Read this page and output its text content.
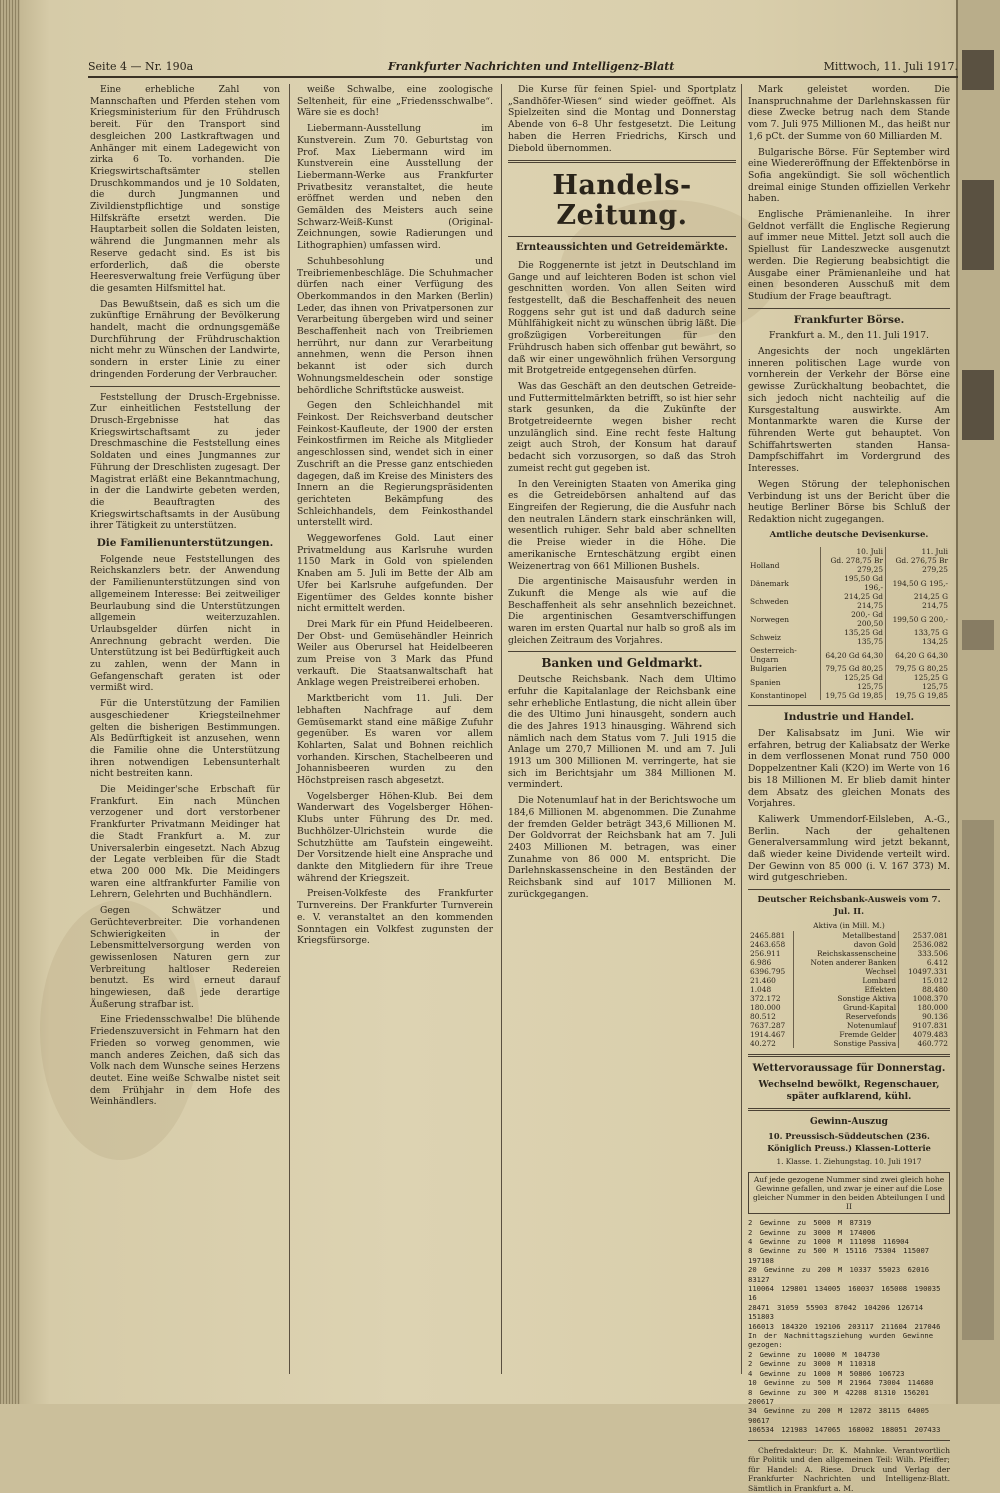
Seite 4 — Nr. 190a	Frankfurter Nachrichten und Intelligenz-Blatt	Mittwoch, 11. Juli 1917.

Eine erhebliche Zahl von Mannschaften und Pferden stehen vom Kriegsministerium für den Frühdrusch bereit. Für den Transport sind desgleichen 200 Lastkraftwagen und Anhänger mit einem Ladegewicht von zirka 6 To. vorhanden. Die Kriegswirtschaftsämter stellen Druschkommandos und je 10 Soldaten, die durch Jungmannen und Zivildienstpflichtige und sonstige Hilfskräfte ersetzt werden. Die Hauptarbeit sollen die Soldaten leisten, während die Jungmannen mehr als Reserve gedacht sind. Es ist bis erforderlich, daß die oberste Heeresverwaltung freie Verfügung über die gesamten Hilfsmittel hat.

Das Bewußtsein, daß es sich um die zukünftige Ernährung der Bevölkerung handelt, macht die ordnungsgemäße Durchführung der Frühdruschaktion nicht mehr zu Wünschen der Landwirte, sondern in erster Linie zu einer dringenden Forderung der Verbraucher.

Feststellung der Drusch-Ergebnisse. Zur einheitlichen Feststellung der Drusch-Ergebnisse hat das Kriegswirtschaftsamt zu jeder Dreschmaschine die Feststellung eines Soldaten und eines Jungmannes zur Führung der Dreschlisten zugesagt. Der Magistrat erläßt eine Bekanntmachung, in der die Landwirte gebeten werden, die Beauftragten des Kriegswirtschaftsamts in der Ausübung ihrer Tätigkeit zu unterstützen.

Die Familienunterstützungen.

Folgende neue Feststellungen des Reichskanzlers betr. der Anwendung der Familienunterstützungen sind von allgemeinem Interesse: Bei zeitweiliger Beurlaubung sind die Unterstützungen allgemein weiterzuzahlen. Urlaubsgelder dürfen nicht in Anrechnung gebracht werden. Die Unterstützung ist bei Bedürftigkeit auch zu zahlen, wenn der Mann in Gefangenschaft geraten ist oder vermißt wird.

Für die Unterstützung der Familien ausgeschiedener Kriegsteilnehmer gelten die bisherigen Bestimmungen. Als Bedürftigkeit ist anzusehen, wenn die Familie ohne die Unterstützung ihren notwendigen Lebensunterhalt nicht bestreiten kann.

Die Meidinger'sche Erbschaft für Frankfurt. Ein nach München verzogener und dort verstorbener Frankfurter Privatmann Meidinger hat die Stadt Frankfurt a. M. zur Universalerbin eingesetzt. Nach Abzug der Legate verbleiben für die Stadt etwa 200 000 Mk. Die Meidingers waren eine altfrankfurter Familie von Lehrern, Gelehrten und Buchhändlern.

Gegen Schwätzer und Gerüchteverbreiter. Die vorhandenen Schwierigkeiten in der Lebensmittelversorgung werden von gewissenlosen Naturen gern zur Verbreitung haltloser Redereien benutzt. Es wird erneut darauf hingewiesen, daß jede derartige Äußerung strafbar ist.

Eine Friedensschwalbe! Die blühende Friedenszuversicht in Fehmarn hat den Frieden so vorweg genommen, wie manch anderes Zeichen, daß sich das Volk nach dem Wunsche seines Herzens deutet. Eine weiße Schwalbe nistet seit dem Frühjahr in dem Hofe des Weinhändlers.

weiße Schwalbe, eine zoologische Seltenheit, für eine „Friedensschwalbe“. Wäre sie es doch!

Liebermann-Ausstellung im Kunstverein. Zum 70. Geburtstag von Prof. Max Liebermann wird im Kunstverein eine Ausstellung der Liebermann-Werke aus Frankfurter Privatbesitz veranstaltet, die heute eröffnet werden und neben den Gemälden des Meisters auch seine Schwarz-Weiß-Kunst (Original-Zeichnungen, sowie Radierungen und Lithographien) umfassen wird.

Schuhbesohlung und Treibriemenbeschläge. Die Schuhmacher dürfen nach einer Verfügung des Oberkommandos in den Marken (Berlin) Leder, das ihnen von Privatpersonen zur Verarbeitung übergeben wird und seiner Beschaffenheit nach von Treibriemen herrührt, nur dann zur Verarbeitung annehmen, wenn die Person ihnen bekannt ist oder sich durch Wohnungsmeldeschein oder sonstige behördliche Schriftstücke ausweist.

Gegen den Schleichhandel mit Feinkost. Der Reichsverband deutscher Feinkost-Kaufleute, der 1900 der ersten Feinkostfirmen im Reiche als Mitglieder angeschlossen sind, wendet sich in einer Zuschrift an die Presse ganz entschieden dagegen, daß im Kreise des Ministers des Innern an die Regierungspräsidenten gerichteten Bekämpfung des Schleichhandels, dem Feinkosthandel unterstellt wird.

Weggeworfenes Gold. Laut einer Privatmeldung aus Karlsruhe wurden 1150 Mark in Gold von spielenden Knaben am 5. Juli im Bette der Alb am Ufer bei Karlsruhe aufgefunden. Der Eigentümer des Geldes konnte bisher nicht ermittelt werden.

Drei Mark für ein Pfund Heidelbeeren. Der Obst- und Gemüsehändler Heinrich Weiler aus Oberursel hat Heidelbeeren zum Preise von 3 Mark das Pfund verkauft. Die Staatsanwaltschaft hat Anklage wegen Preistreiberei erhoben.

Marktbericht vom 11. Juli. Der lebhaften Nachfrage auf dem Gemüsemarkt stand eine mäßige Zufuhr gegenüber. Es waren vor allem Kohlarten, Salat und Bohnen reichlich vorhanden. Kirschen, Stachelbeeren und Johannisbeeren wurden zu den Höchstpreisen rasch abgesetzt.

Vogelsberger Höhen-Klub. Bei dem Wanderwart des Vogelsberger Höhen-Klubs unter Führung des Dr. med. Buchhölzer-Ulrichstein wurde die Schutzhütte am Taufstein eingeweiht. Der Vorsitzende hielt eine Ansprache und dankte den Mitgliedern für ihre Treue während der Kriegszeit.

Preisen-Volkfeste des Frankfurter Turnvereins. Der Frankfurter Turnverein e. V. veranstaltet an den kommenden Sonntagen ein Volkfest zugunsten der Kriegsfürsorge.

Die Kurse für feinen Spiel- und Sportplatz „Sandhöfer-Wiesen“ sind wieder geöffnet. Als Spielzeiten sind die Montag und Donnerstag Abende von 6–8 Uhr festgesetzt. Die Leitung haben die Herren Friedrichs, Kirsch und Diebold übernommen.

Handels-Zeitung.
Ernteaussichten und Getreidemärkte.

Die Roggenernte ist jetzt in Deutschland im Gange und auf leichteren Boden ist schon viel geschnitten worden. Von allen Seiten wird festgestellt, daß die Beschaffenheit des neuen Roggens sehr gut ist und daß dadurch seine Mühlfähigkeit nicht zu wünschen übrig läßt. Die großzügigen Vorbereitungen für den Frühdrusch haben sich offenbar gut bewährt, so daß wir einer ungewöhnlich frühen Versorgung mit Brotgetreide entgegensehen dürfen.

Was das Geschäft an den deutschen Getreide- und Futtermittelmärkten betrifft, so ist hier sehr stark gesunken, da die Zukünfte der Brotgetreideernte wegen bisher recht unzulänglich sind. Eine recht feste Haltung zeigt auch Stroh, der Konsum hat darauf bedacht sich vorzusorgen, so daß das Stroh zumeist recht gut gegeben ist.

In den Vereinigten Staaten von Amerika ging es die Getreidebörsen anhaltend auf das Eingreifen der Regierung, die die Ausfuhr nach den neutralen Ländern stark einschränken will, wesentlich ruhiger. Sehr bald aber schnellten die Preise wieder in die Höhe. Die amerikanische Ernteschätzung ergibt einen Weizenertrag von 661 Millionen Bushels.

Die argentinische Maisausfuhr werden in Zukunft die Menge als wie auf die Beschaffenheit als sehr ansehnlich bezeichnet. Die argentinischen Gesamtverschiffungen waren im ersten Quartal nur halb so groß als im gleichen Zeitraum des Vorjahres.

Banken und Geldmarkt.

Deutsche Reichsbank. Nach dem Ultimo erfuhr die Kapitalanlage der Reichsbank eine sehr erhebliche Entlastung, die nicht allein über die des Ultimo Juni hinausgeht, sondern auch die des Jahres 1913 hinausging. Während sich nämlich nach dem Status vom 7. Juli 1915 die Anlage um 270,7 Millionen M. und am 7. Juli 1913 um 300 Millionen M. verringerte, hat sie sich im Berichtsjahr um 384 Millionen M. vermindert.

Die Notenumlauf hat in der Berichtswoche um 184,6 Millionen M. abgenommen. Die Zunahme der fremden Gelder beträgt 343,6 Millionen M. Der Goldvorrat der Reichsbank hat am 7. Juli 2403 Millionen M. betragen, was einer Zunahme von 86 000 M. entspricht. Die Darlehnskassenscheine in den Beständen der Reichsbank sind auf 1017 Millionen M. zurückgegangen.

Mark geleistet worden. Die Inanspruchnahme der Darlehnskassen für diese Zwecke betrug nach dem Stande vom 7. Juli 975 Millionen M., das heißt nur 1,6 pCt. der Summe von 60 Milliarden M.

Bulgarische Börse. Für September wird eine Wiedereröffnung der Effektenbörse in Sofia angekündigt. Sie soll wöchentlich dreimal einige Stunden offiziellen Verkehr haben.

Englische Prämienanleihe. In ihrer Geldnot verfällt die Englische Regierung auf immer neue Mittel. Jetzt soll auch die Spiellust für Landeszwecke ausgenutzt werden. Die Regierung beabsichtigt die Ausgabe einer Prämienanleihe und hat einen besonderen Ausschuß mit dem Studium der Frage beauftragt.

Frankfurter Börse.

Frankfurt a. M., den 11. Juli 1917.

Angesichts der noch ungeklärten inneren politischen Lage wurde von vornherein der Verkehr der Börse eine gewisse Zurückhaltung beobachtet, die sich jedoch nicht nachteilig auf die Kursgestaltung auswirkte. Am Montanmarkte waren die Kurse der führenden Werte gut behauptet. Von Schiffahrtswerten standen Hansa-Dampfschiffahrt im Vordergrund des Interesses.

Wegen Störung der telephonischen Verbindung ist uns der Bericht über die heutige Berliner Börse bis Schluß der Redaktion nicht zugegangen.

Amtliche deutsche Devisenkurse.
	10. Juli	11. Juli
Holland	Gd. 278,75 Br 279,25	Gd. 276,75 Br 279,25
Dänemark	195,50 Gd 196,-	194,50 G 195,-
Schweden	214,25 Gd 214,75	214,25 G 214,75
Norwegen	200,- Gd 200,50	199,50 G 200,-
Schweiz	135,25 Gd 135,75	133,75 G 134,25
Oesterreich-Ungarn	64,20 Gd 64,30	64,20 G 64,30
Bulgarien	79,75 Gd 80,25	79,75 G 80,25
Spanien	125,25 Gd 125,75	125,25 G 125,75
Konstantinopel	19,75 Gd 19,85	19,75 G 19,85
Industrie und Handel.

Der Kalisabsatz im Juni. Wie wir erfahren, betrug der Kaliabsatz der Werke in dem verflossenen Monat rund 750 000 Doppelzentner Kali (K2O) im Werte von 16 bis 18 Millionen M. Er blieb damit hinter dem Absatz des gleichen Monats des Vorjahres.

Kaliwerk Ummendorf-Eilsleben, A.-G., Berlin. Nach der gehaltenen Generalversammlung wird jetzt bekannt, daß wieder keine Dividende verteilt wird. Der Gewinn von 85 000 (i. V. 167 373) M. wird gutgeschrieben.

Deutscher Reichsbank-Ausweis vom 7. Jul. II.
Aktiva (in Mill. M.)
2465.881	Metallbestand	2537.081
2463.658	davon Gold	2536.082
256.911	Reichskassenscheine	333.506
6.986	Noten anderer Banken	6.412
6396.795	Wechsel	10497.331
21.460	Lombard	15.012
1.048	Effekten	88.480
372.172	Sonstige Aktiva	1008.370
180.000	Grund-Kapital	180.000
80.512	Reservefonds	90.136
7637.287	Notenumlauf	9107.831
1914.467	Fremde Gelder	4079.483
40.272	Sonstige Passiva	460.772
Wettervoraussage für Donnerstag.

Wechselnd bewölkt, Regenschauer, später aufklarend, kühl.

Gewinn-Auszug
10. Preussisch-Süddeutschen (236. Königlich Preuss.) Klassen-Lotterie
1. Klasse. 1. Ziehungstag. 10. Juli 1917
Auf jede gezogene Nummer sind zwei gleich hohe Gewinne gefallen, und zwar je einer auf die Lose gleicher Nummer in den beiden Abteilungen I und II
2 Gewinne zu 5000 M 87319
2 Gewinne zu 3000 M 174006
4 Gewinne zu 1000 M 111098 116904
8 Gewinne zu 500 M 15116 75304 115007 197108
20 Gewinne zu 200 M 10337 55023 62016 83127
110064 129801 134005 160037 165008 190035 16
28471 31059 55903 87042 104206 126714 151803
166013 184320 192106 203117 211604 217046
In der Nachmittagsziehung wurden Gewinne gezogen:
2 Gewinne zu 10000 M 104730
2 Gewinne zu 3000 M 110318
4 Gewinne zu 1000 M 50806 106723
10 Gewinne zu 500 M 21964 73004 114680
8 Gewinne zu 300 M 42208 81310 156201 200617
34 Gewinne zu 200 M 12072 38115 64005 90617
106534 121983 147065 168002 188051 207433

Chefredakteur: Dr. K. Mahnke. Verantwortlich für Politik und den allgemeinen Teil: Wilh. Pfeiffer; für Handel: A. Riese. Druck und Verlag der Frankfurter Nachrichten und Intelligenz-Blatt. Sämtlich in Frankfurt a. M.
